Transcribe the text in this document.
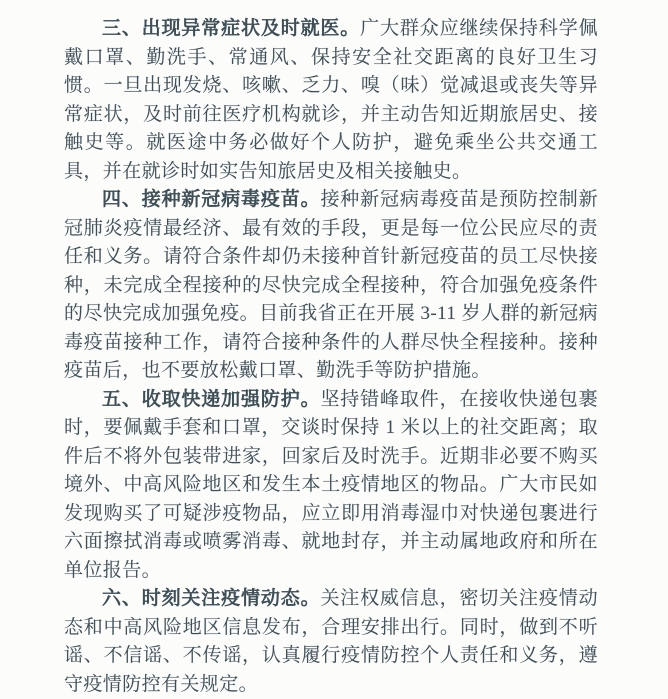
三、出现异常症状及时就医。广大群众应继续保持科学佩戴口罩、勤洗手、常通风、保持安全社交距离的良好卫生习惯。一旦出现发烧、咳嗽、乏力、嗅（味）觉减退或丧失等异常症状，及时前往医疗机构就诊，并主动告知近期旅居史、接触史等。就医途中务必做好个人防护，避免乘坐公共交通工具，并在就诊时如实告知旅居史及相关接触史。

四、接种新冠病毒疫苗。接种新冠病毒疫苗是预防控制新冠肺炎疫情最经济、最有效的手段，更是每一位公民应尽的责任和义务。请符合条件却仍未接种首针新冠疫苗的员工尽快接种，未完成全程接种的尽快完成全程接种，符合加强免疫条件的尽快完成加强免疫。目前我省正在开展 3-11 岁人群的新冠病毒疫苗接种工作，请符合接种条件的人群尽快全程接种。接种疫苗后，也不要放松戴口罩、勤洗手等防护措施。

五、收取快递加强防护。坚持错峰取件，在接收快递包裹时，要佩戴手套和口罩，交谈时保持 1 米以上的社交距离；取件后不将外包装带进家，回家后及时洗手。近期非必要不购买境外、中高风险地区和发生本土疫情地区的物品。广大市民如发现购买了可疑涉疫物品，应立即用消毒湿巾对快递包裹进行六面擦拭消毒或喷雾消毒、就地封存，并主动属地政府和所在单位报告。

六、时刻关注疫情动态。关注权威信息，密切关注疫情动态和中高风险地区信息发布，合理安排出行。同时，做到不听谣、不信谣、不传谣，认真履行疫情防控个人责任和义务，遵守疫情防控有关规定。
